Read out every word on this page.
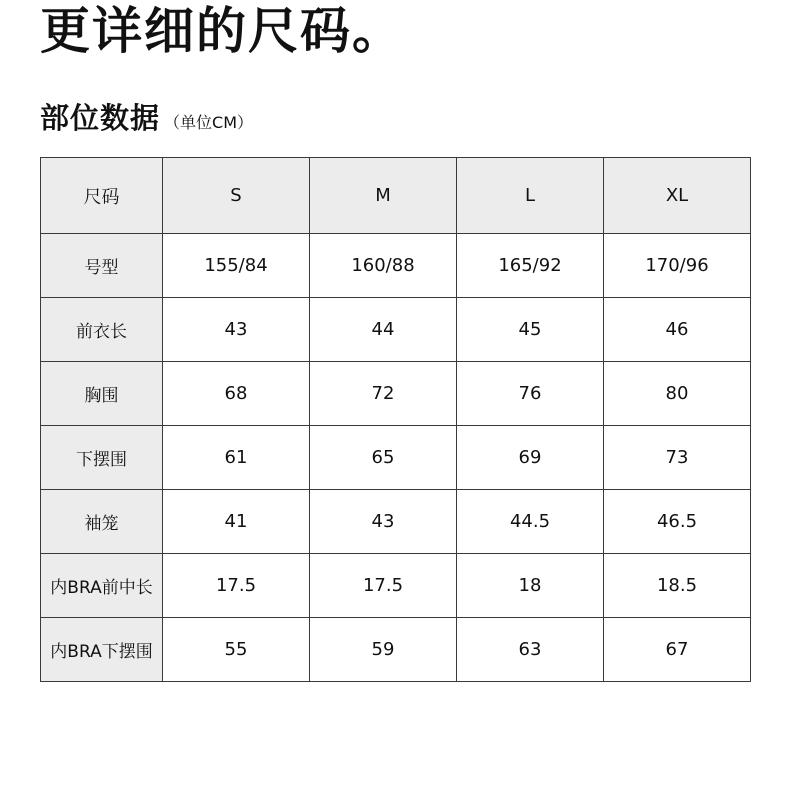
更详细的尺码。
部位数据 （单位CM）
尺码	S	M	L	XL
号型	155/84	160/88	165/92	170/96
前衣长	43	44	45	46
胸围	68	72	76	80
下摆围	61	65	69	73
袖笼	41	43	44.5	46.5
内BRA前中长	17.5	17.5	18	18.5
内BRA下摆围	55	59	63	67
